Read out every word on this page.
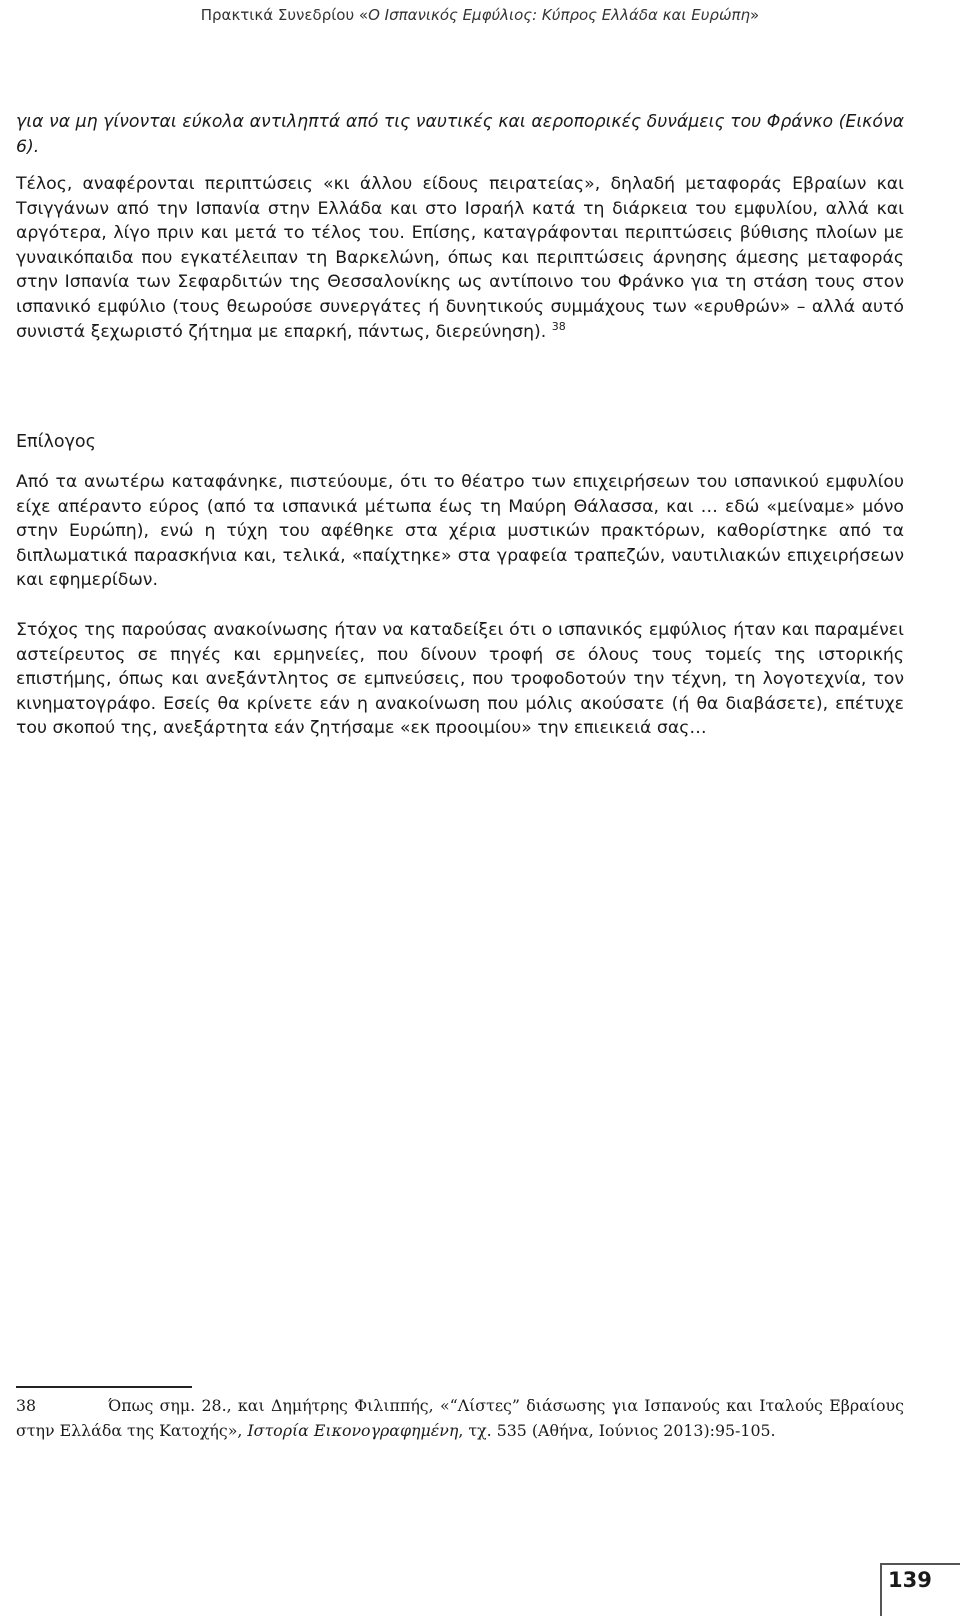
Πρακτικά Συνεδρίου «Ο Ισπανικός Εμφύλιος: Κύπρος Ελλάδα και Ευρώπη»

για να μη γίνονται εύκολα αντιληπτά από τις ναυτικές και αεροπορικές δυνάμεις του Φράνκο (Εικόνα 6).

Τέλος, αναφέρονται περιπτώσεις «κι άλλου είδους πειρατείας», δηλαδή μεταφοράς Εβραίων και Τσιγγάνων από την Ισπανία στην Ελλάδα και στο Ισραήλ κατά τη διάρκεια του εμφυλίου, αλλά και αργότερα, λίγο πριν και μετά το τέλος του. Επίσης, καταγράφονται περιπτώσεις βύθισης πλοίων με γυναικόπαιδα που εγκατέλειπαν τη Βαρκελώνη, όπως και περιπτώσεις άρνησης άμεσης μεταφοράς στην Ισπανία των Σεφαρδιτών της Θεσσαλονίκης ως αντίποινο του Φράνκο για τη στάση τους στον ισπανικό εμφύλιο (τους θεωρούσε συνεργάτες ή δυνητικούς συμμάχους των «ερυθρών» – αλλά αυτό συνιστά ξεχωριστό ζήτημα με επαρκή, πάντως, διερεύνηση). $^{38}$

Επίλογος

Από τα ανωτέρω καταφάνηκε, πιστεύουμε, ότι το θέατρο των επιχειρήσεων του ισπανικού εμφυλίου είχε απέραντο εύρος (από τα ισπανικά μέτωπα έως τη Μαύρη Θάλασσα, και … εδώ «μείναμε» μόνο στην Ευρώπη), ενώ η τύχη του αφέθηκε στα χέρια μυστικών πρακτόρων, καθορίστηκε από τα διπλωματικά παρασκήνια και, τελικά, «παίχτηκε» στα γραφεία τραπεζών, ναυτιλιακών επιχειρήσεων και εφημερίδων.

Στόχος της παρούσας ανακοίνωσης ήταν να καταδείξει ότι ο ισπανικός εμφύλιος ήταν και παραμένει αστείρευτος σε πηγές και ερμηνείες, που δίνουν τροφή σε όλους τους τομείς της ιστορικής επιστήμης, όπως και ανεξάντλητος σε εμπνεύσεις, που τροφοδοτούν την τέχνη, τη λογοτεχνία, τον κινηματογράφο. Εσείς θα κρίνετε εάν η ανακοίνωση που μόλις ακούσατε (ή θα διαβάσετε), επέτυχε του σκοπού της, ανεξάρτητα εάν ζητήσαμε «εκ προοιμίου» την επιεικειά σας…

38	Όπως σημ. 28., και Δημήτρης Φιλιππής, «“Λίστες” διάσωσης για Ισπανούς και Ιταλούς Εβραίους στην Ελλάδα της Κατοχής», Ιστορία Εικονογραφημένη, τχ. 535 (Αθήνα, Ιούνιος 2013):95-105.
139
